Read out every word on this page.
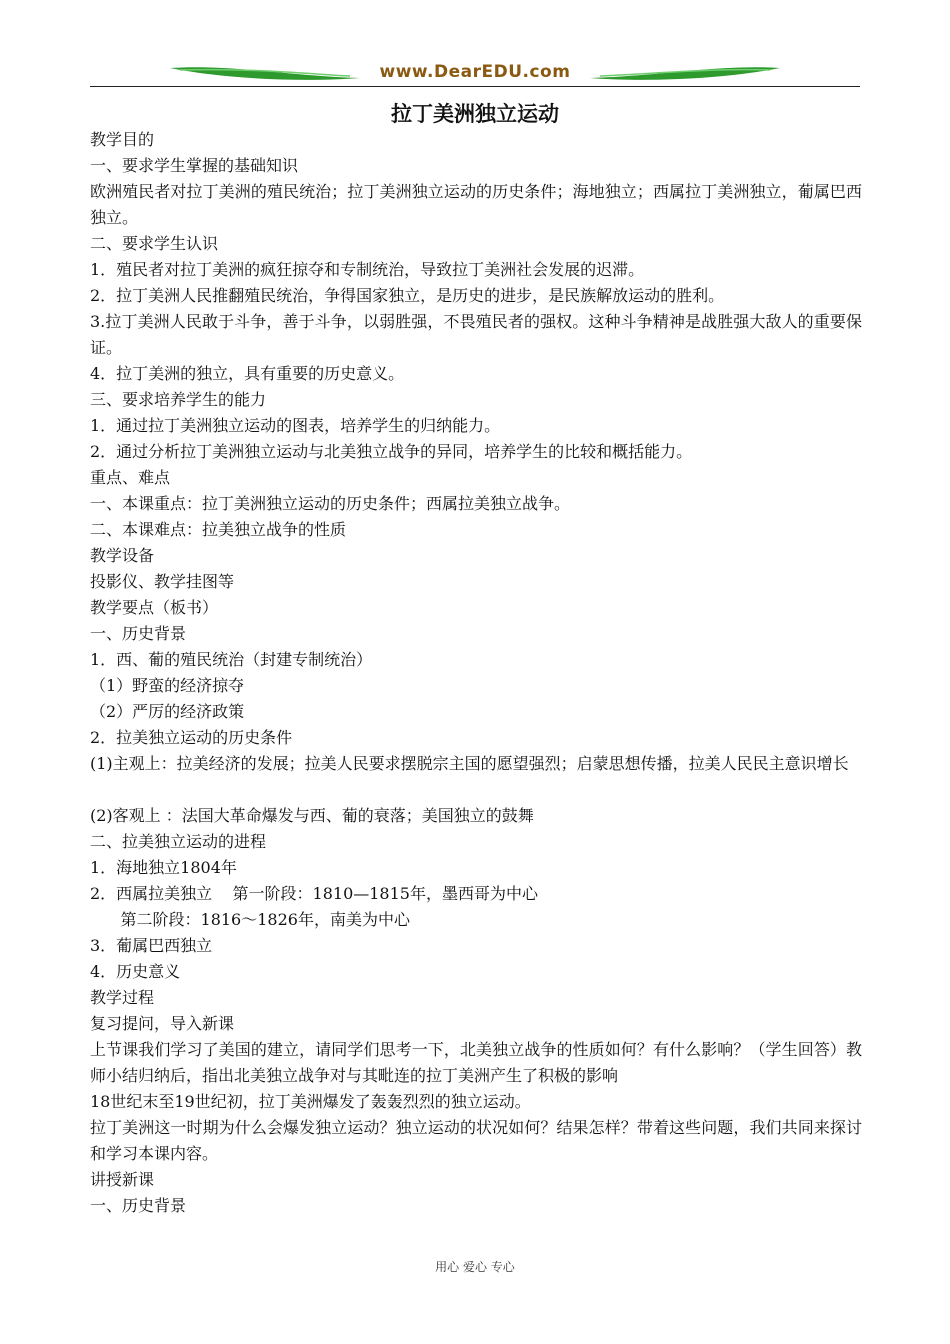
www.DearEDU.com
拉丁美洲独立运动

教学目的

一、要求学生掌握的基础知识

欧洲殖民者对拉丁美洲的殖民统治；拉丁美洲独立运动的历史条件；海地独立；西属拉丁美洲独立，葡属巴西独立。

二、要求学生认识

1．殖民者对拉丁美洲的疯狂掠夺和专制统治，导致拉丁美洲社会发展的迟滞。

2．拉丁美洲人民推翻殖民统治，争得国家独立，是历史的进步，是民族解放运动的胜利。

3.拉丁美洲人民敢于斗争，善于斗争，以弱胜强，不畏殖民者的强权。这种斗争精神是战胜强大敌人的重要保证。

4．拉丁美洲的独立，具有重要的历史意义。

三、要求培养学生的能力

1．通过拉丁美洲独立运动的图表，培养学生的归纳能力。

2．通过分析拉丁美洲独立运动与北美独立战争的异同，培养学生的比较和概括能力。

重点、难点

一、本课重点：拉丁美洲独立运动的历史条件；西属拉美独立战争。

二、本课难点：拉美独立战争的性质

教学设备

投影仪、教学挂图等

教学要点（板书）

一、历史背景

1．西、葡的殖民统治（封建专制统治）

（1）野蛮的经济掠夺

（2）严厉的经济政策

2．拉美独立运动的历史条件

(1)主观上：拉美经济的发展；拉美人民要求摆脱宗主国的愿望强烈；启蒙思想传播，拉美人民民主意识增长

(2)客观上 ：法国大革命爆发与西、葡的衰落；美国独立的鼓舞

二、拉美独立运动的进程

1．海地独立1804年

2．西属拉美独立    第一阶段：1810—1815年，墨西哥为中心

第二阶段：1816～1826年，南美为中心

3．葡属巴西独立

4．历史意义

教学过程

复习提问，导入新课

上节课我们学习了美国的建立，请同学们思考一下，北美独立战争的性质如何？有什么影响？（学生回答）教师小结归纳后，指出北美独立战争对与其毗连的拉丁美洲产生了积极的影响

18世纪末至19世纪初，拉丁美洲爆发了轰轰烈烈的独立运动。

拉丁美洲这一时期为什么会爆发独立运动？独立运动的状况如何？结果怎样？带着这些问题，我们共同来探讨和学习本课内容。

讲授新课

一、历史背景

用心 爱心 专心
